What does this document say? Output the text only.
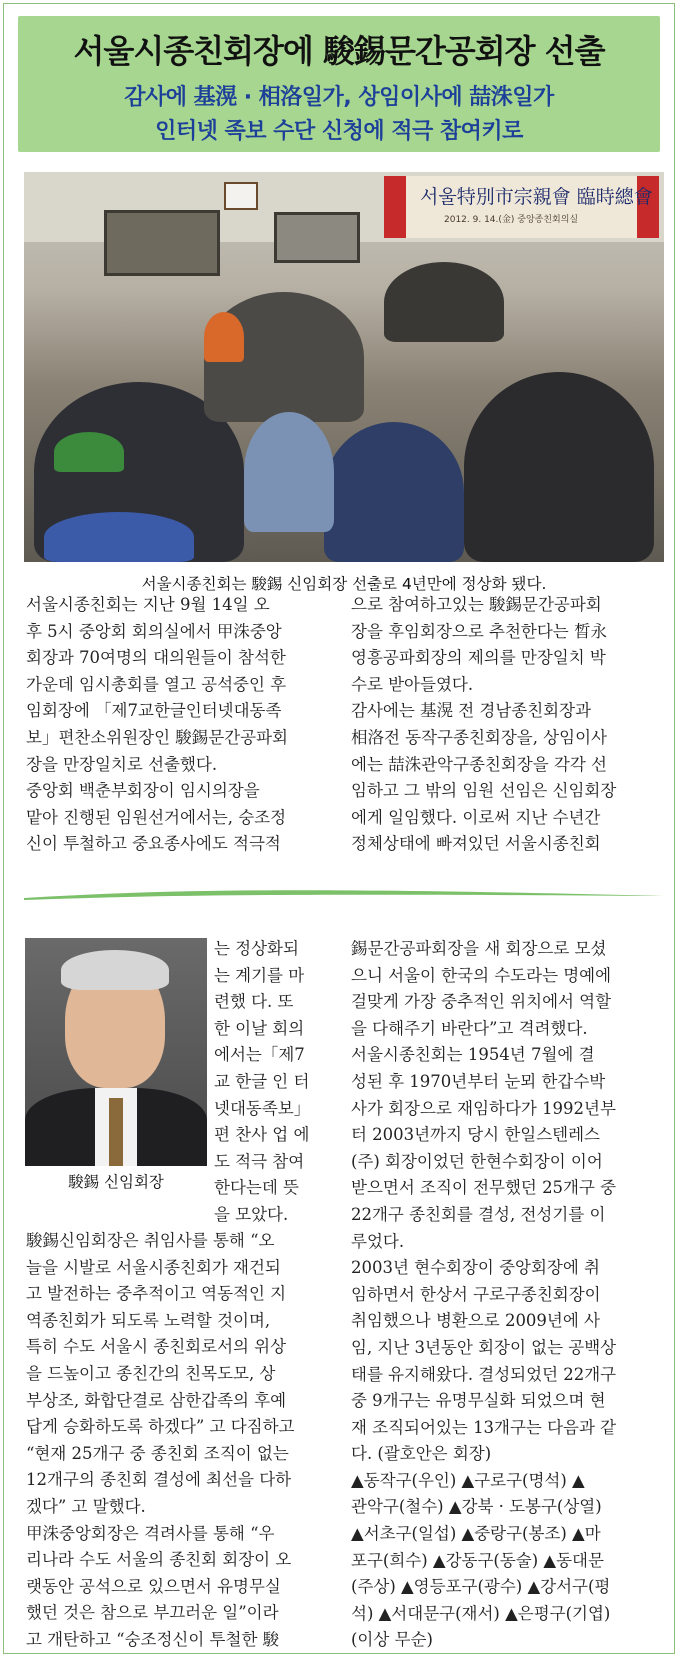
서울시종친회장에 駿錫문간공회장 선출
감사에 基滉 · 相洛일가, 상임이사에 喆洙일가
인터넷 족보 수단 신청에 적극 참여키로
서울特別市宗親會 臨時總會
2012. 9. 14.(金) 중앙종친회의실
서울시종친회는 駿錫 신임회장 선출로 4년만에 정상화 됐다.

서울시종친회는 지난 9월 14일 오

후 5시 중앙회 회의실에서 甲洙중앙

회장과 70여명의 대의원들이 참석한

가운데 임시총회를 열고 공석중인 후

임회장에 「제7교한글인터넷대동족

보」편찬소위원장인 駿錫문간공파회

장을 만장일치로 선출했다.

중앙회 백춘부회장이 임시의장을

맡아 진행된 임원선거에서는, 숭조정

신이 투철하고 중요종사에도 적극적

으로 참여하고있는 駿錫문간공파회

장을 후임회장으로 추천한다는 晳永

영흥공파회장의 제의를 만장일치 박

수로 받아들였다.

감사에는 基滉 전 경남종친회장과

相洛전 동작구종친회장을, 상임이사

에는 喆洙관악구종친회장을 각각 선

임하고 그 밖의 임원 선임은 신임회장

에게 일임했다. 이로써 지난 수년간

정체상태에 빠져있던 서울시종친회

駿錫 신임회장

는 정상화되

는 계기를 마

련했 다. 또

한 이날 회의

에서는「제7

교 한글 인 터

넷대동족보」

편 찬사 업 에

도 적극 참여

한다는데 뜻

을 모았다.

駿錫신임회장은 취임사를 통해 “오

늘을 시발로 서울시종친회가 재건되

고 발전하는 중추적이고 역동적인 지

역종친회가 되도록 노력할 것이며,

특히 수도 서울시 종친회로서의 위상

을 드높이고 종친간의 친목도모, 상

부상조, 화합단결로 삼한갑족의 후예

답게 승화하도록 하겠다” 고 다짐하고

“현재 25개구 중 종친회 조직이 없는

12개구의 종친회 결성에 최선을 다하

겠다” 고 말했다.

甲洙중앙회장은 격려사를 통해 “우

리나라 수도 서울의 종친회 회장이 오

랫동안 공석으로 있으면서 유명무실

했던 것은 참으로 부끄러운 일”이라

고 개탄하고 “숭조정신이 투철한 駿

錫문간공파회장을 새 회장으로 모셨

으니 서울이 한국의 수도라는 명예에

걸맞게 가장 중추적인 위치에서 역할

을 다해주기 바란다”고 격려했다.

서울시종친회는 1954년 7월에 결

성된 후 1970년부터 눈뫼 한갑수박

사가 회장으로 재임하다가 1992년부

터 2003년까지 당시 한일스텐레스

(주) 회장이었던 한현수회장이 이어

받으면서 조직이 전무했던 25개구 중

22개구 종친회를 결성, 전성기를 이

루었다.

2003년 현수회장이 중앙회장에 취

임하면서 한상서 구로구종친회장이

취임했으나 병환으로 2009년에 사

임, 지난 3년동안 회장이 없는 공백상

태를 유지해왔다. 결성되었던 22개구

중 9개구는 유명무실화 되었으며 현

재 조직되어있는 13개구는 다음과 같

다. (괄호안은 회장)

▲동작구(우인) ▲구로구(명석) ▲

관악구(철수) ▲강북 · 도봉구(상열)

▲서초구(일섭) ▲중랑구(봉조) ▲마

포구(희수) ▲강동구(동술) ▲동대문

(주상) ▲영등포구(광수) ▲강서구(평

석) ▲서대문구(재서) ▲은평구(기엽)

(이상 무순)
